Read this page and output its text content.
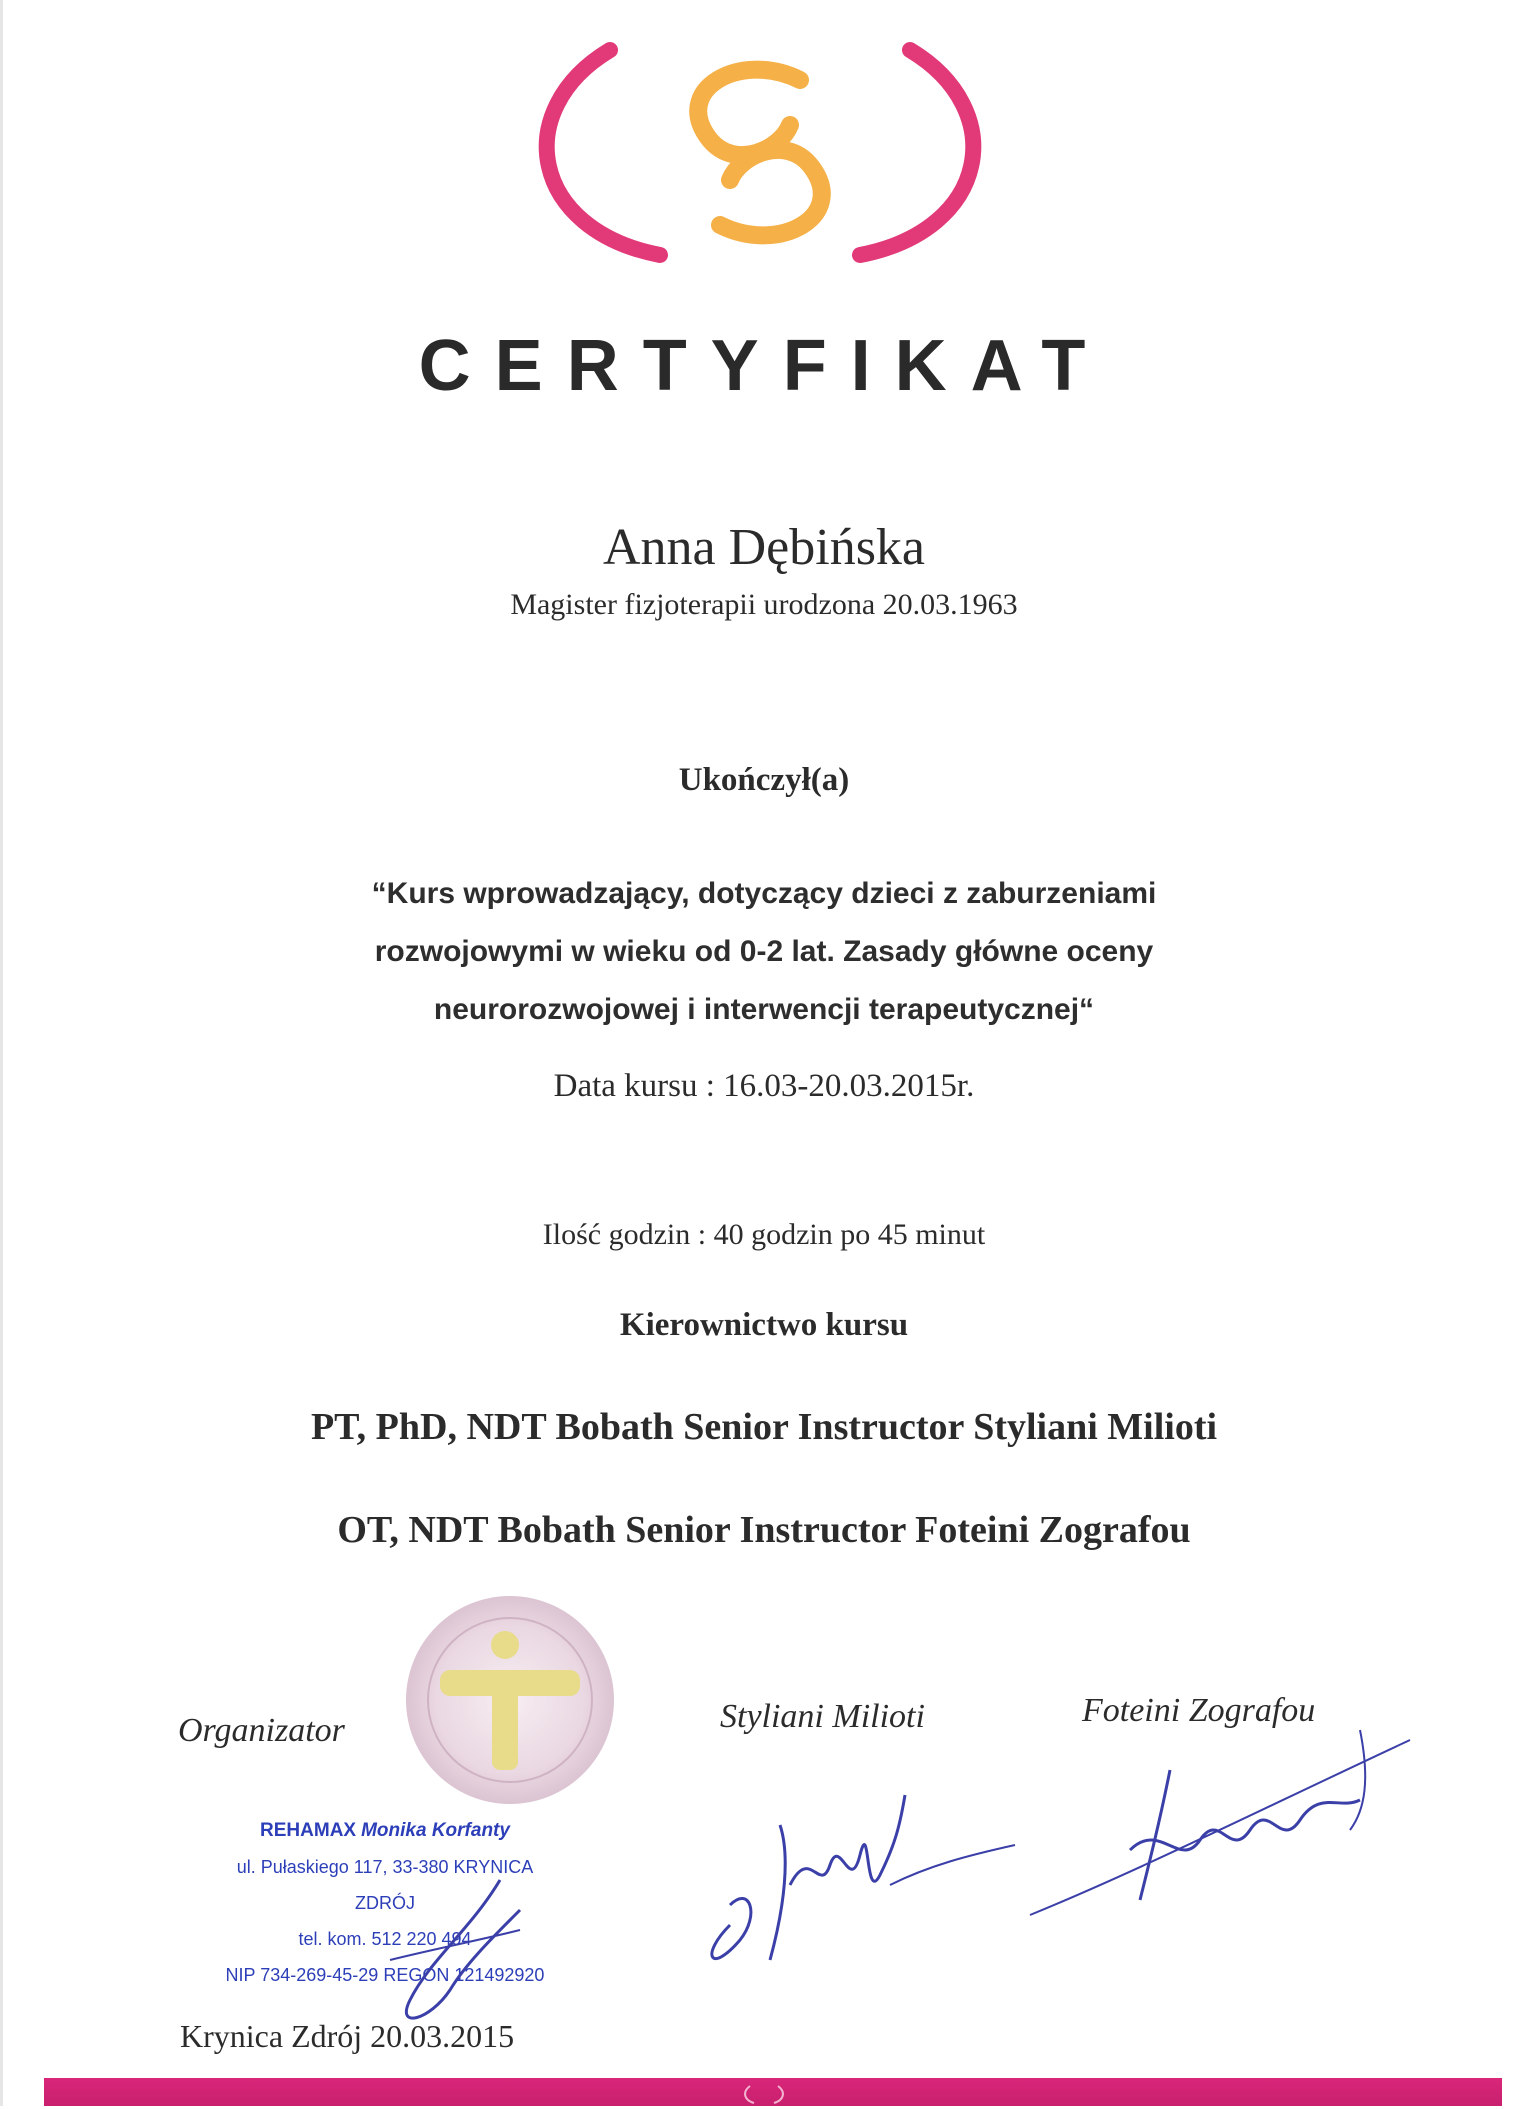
CERTYFIKAT
Anna Dębińska
Magister fizjoterapii urodzona 20.03.1963
Ukończył(a)
“Kurs wprowadzający, dotyczący dzieci z zaburzeniami
rozwojowymi w wieku od 0-2 lat. Zasady główne oceny
neurorozwojowej i interwencji terapeutycznej“
Data kursu : 16.03-20.03.2015r.
Ilość godzin : 40 godzin po 45 minut
Kierownictwo kursu
PT, PhD, NDT Bobath Senior Instructor Styliani Milioti
OT, NDT Bobath Senior Instructor Foteini Zografou
Organizator	Styliani Milioti	Foteini Zografou
REHAMAX Monika Korfanty
ul. Pułaskiego 117, 33-380 KRYNICA ZDRÓJ
tel. kom. 512 220 494
NIP 734-269-45-29 REGON 121492920
Krynica Zdrój 20.03.2015
